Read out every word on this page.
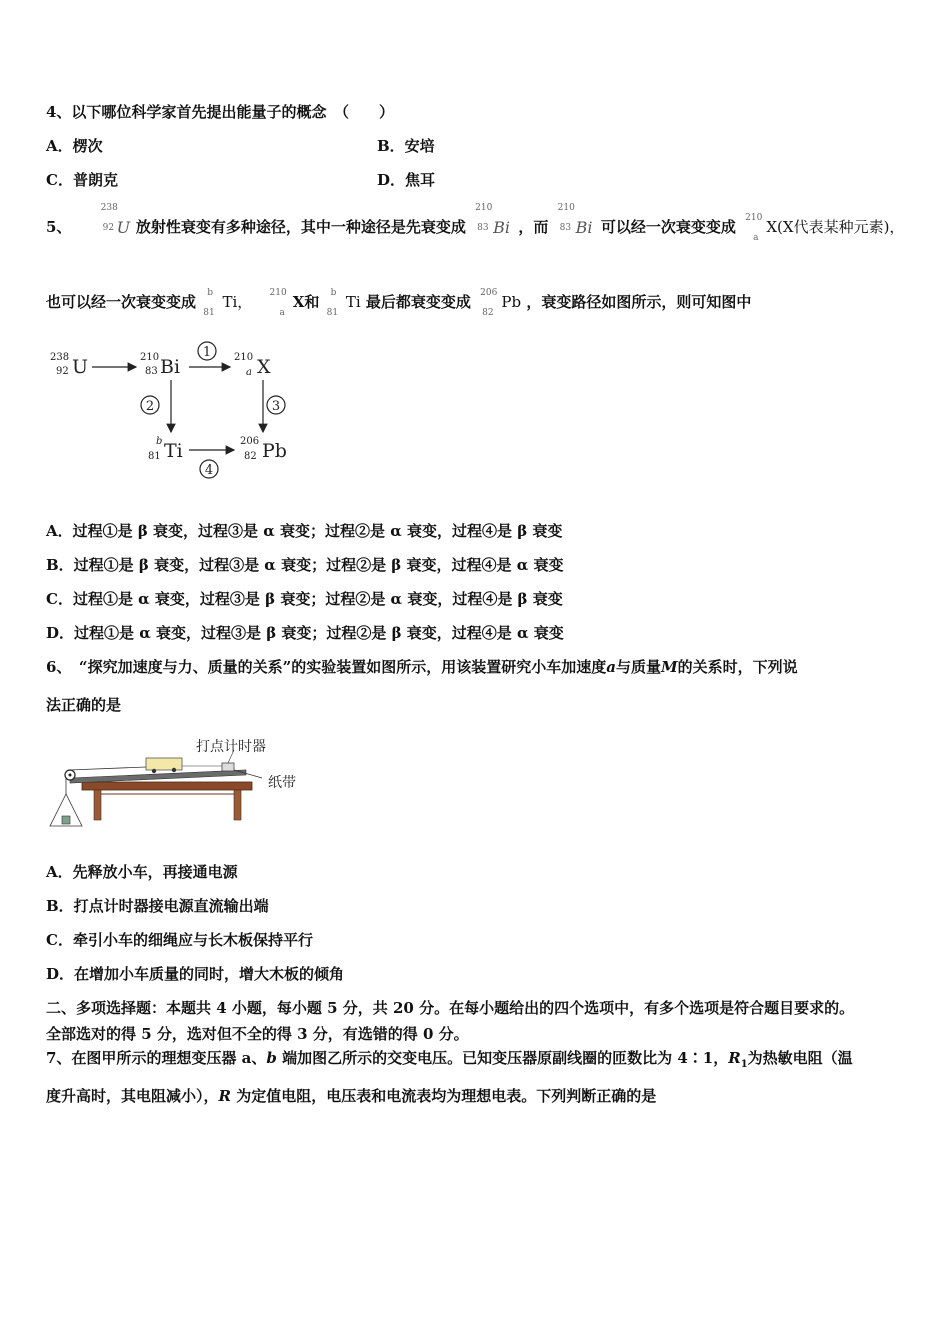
4、以下哪位科学家首先提出能量子的概念　（　　）
A．楞次	B．安培
C．普朗克	D．焦耳
5、
238
92 U 放射性衰变有多种途径，其中一种途径是先衰变成
210
83 Bi ，而
210
83 Bi 可以经一次衰变变成 210
a
X(X代表某种元素)，
也可以经一次衰变变成 b
81
Ti， 210
a
X和 b
81
Ti 最后都衰变变成 206
82
Pb ，衰变路径如图所示，则可知图中
238
92 U	210
83 Bi
1 210
a X
2	3
b
81 Ti
4
206
82 Pb
A．过程①是 β 衰变，过程③是 α 衰变；过程②是 α 衰变，过程④是 β 衰变
B．过程①是 β 衰变，过程③是 α 衰变；过程②是 β 衰变，过程④是 α 衰变
C．过程①是 α 衰变，过程③是 β 衰变；过程②是 α 衰变，过程④是 β 衰变
D．过程①是 α 衰变，过程③是 β 衰变；过程②是 β 衰变，过程④是 α 衰变
6、　“探究加速度与力、质量的关系”的实验装置如图所示，用该装置研究小车加速度a与质量M的关系时，下列说
法正确的是
打点计时器
纸带
A．先释放小车，再接通电源
B．打点计时器接电源直流输出端
C．牵引小车的细绳应与长木板保持平行
D．在增加小车质量的同时，增大木板的倾角
二、多项选择题：本题共 4 小题，每小题 5 分，共 20 分。在每小题给出的四个选项中，有多个选项是符合题目要求的。
全部选对的得 5 分，选对但不全的得 3 分，有选错的得 0 分。
7、在图甲所示的理想变压器 a、b 端加图乙所示的交变电压。已知变压器原副线圈的匝数比为 4∶1，$R_1$为热敏电阻（温
度升高时，其电阻减小），R 为定值电阻，电压表和电流表均为理想电表。下列判断正确的是
